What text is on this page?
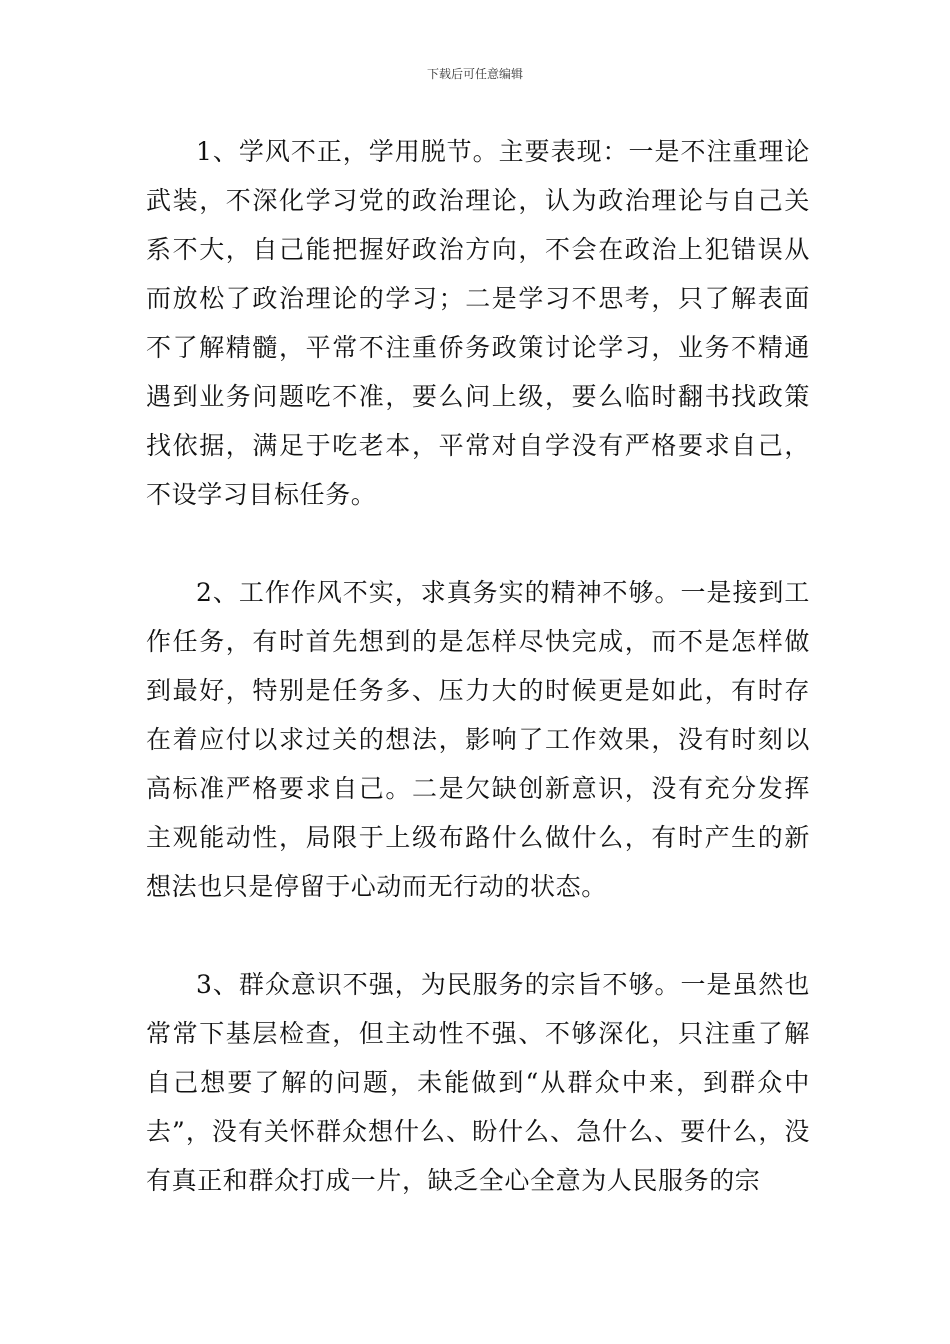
下载后可任意编辑

1、学风不正，学用脱节。主要表现：一是不注重理论武装，不深化学习党的政治理论，认为政治理论与自己关系不大，自己能把握好政治方向，不会在政治上犯错误从而放松了政治理论的学习；二是学习不思考，只了解表面不了解精髓，平常不注重侨务政策讨论学习，业务不精通遇到业务问题吃不准，要么问上级，要么临时翻书找政策找依据，满足于吃老本，平常对自学没有严格要求自己，不设学习目标任务。

2、工作作风不实，求真务实的精神不够。一是接到工作任务，有时首先想到的是怎样尽快完成，而不是怎样做到最好，特别是任务多、压力大的时候更是如此，有时存在着应付以求过关的想法，影响了工作效果，没有时刻以高标准严格要求自己。二是欠缺创新意识，没有充分发挥主观能动性，局限于上级布路什么做什么，有时产生的新想法也只是停留于心动而无行动的状态。

3、群众意识不强，为民服务的宗旨不够。一是虽然也常常下基层检查，但主动性不强、不够深化，只注重了解自己想要了解的问题，未能做到“从群众中来，到群众中去”，没有关怀群众想什么、盼什么、急什么、要什么，没有真正和群众打成一片，缺乏全心全意为人民服务的宗
